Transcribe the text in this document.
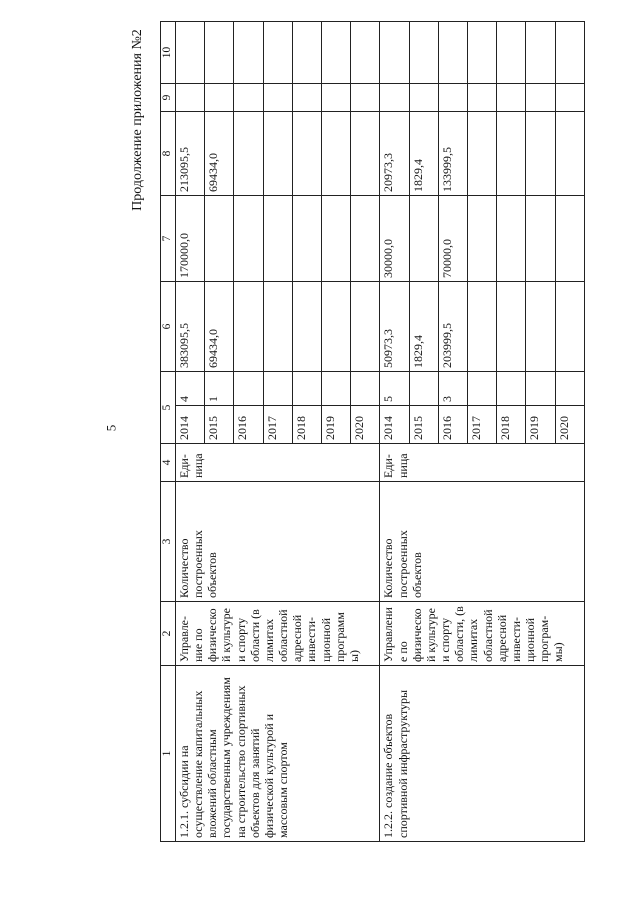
5
Продолжение приложения №2
1	2	3	4	5		6	7	8	9	10
1.2.1. субсидии на осуществление капитальных вложений областным государственным учреждениям на строительство спортивных объектов для занятий физической культурой и массовым спортом	Управле-ние по физической культуре и спорту области (в лимитах областной адресной инвести-ционной программы)	Количество построенных объектов	Еди-ница	2014	4	383095,5	170000,0	213095,5		
				2015	1	69434,0		69434,0		
				2016						
				2017						
				2018						
				2019						
				2020						
1.2.2. создание объектов спортивной инфраструктуры	Управление по физической культуре и спорту области, (в лимитах областной адресной инвести-ционной програм-мы)	Количество построенных объектов	Еди-ница	2014	5	50973,3	30000,0	20973,3		
				2015		1829,4		1829,4		
				2016	3	203999,5	70000,0	133999,5		
				2017						
				2018						
				2019						
				2020						
